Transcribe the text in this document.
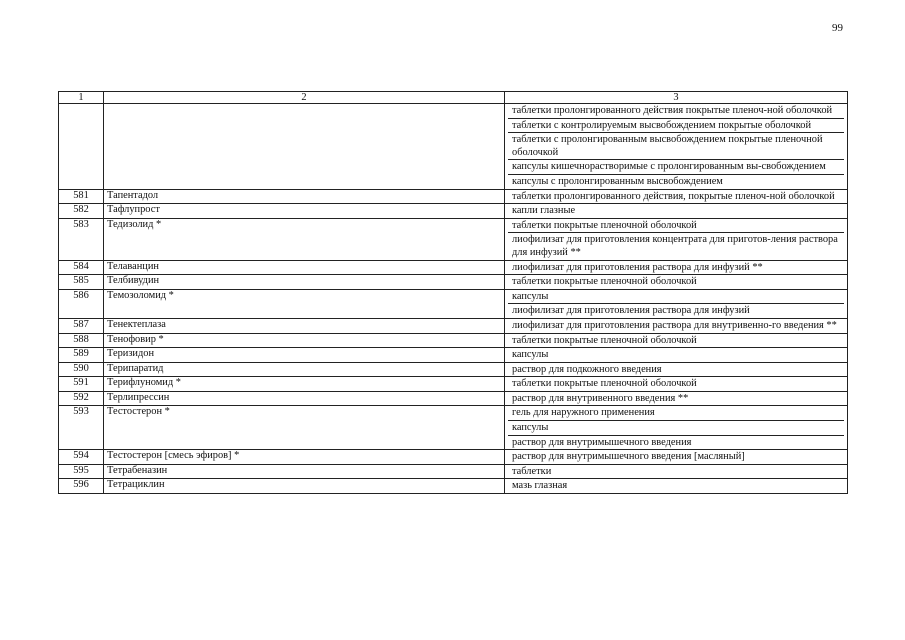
99
1	2	3

		таблетки пролонгированного действия покрытые пленоч-ной оболочкой
таблетки с контролируемым высвобождением покрытые оболочкой
таблетки с пролонгированным высвобождением покрытые пленочной оболочкой
капсулы кишечнорастворимые с пролонгированным вы-свобождением
капсулы с пролонгированным высвобождением

581	Тапентадол	таблетки пролонгированного действия, покрытые пленоч-ной оболочкой

582	Тафлупрост	капли глазные

583	Тедизолид *	таблетки покрытые пленочной оболочкой
лиофилизат для приготовления концентрата для приготов-ления раствора для инфузий **

584	Телаванцин	лиофилизат для приготовления раствора для инфузий **

585	Телбивудин	таблетки покрытые пленочной оболочкой

586	Темозоломид *	капсулы
лиофилизат для приготовления раствора для инфузий

587	Тенектеплаза	лиофилизат для приготовления раствора для внутривенно-го введения **

588	Тенофовир *	таблетки покрытые пленочной оболочкой

589	Теризидон	капсулы

590	Терипаратид	раствор для подкожного введения

591	Терифлуномид *	таблетки покрытые пленочной оболочкой

592	Терлипрессин	раствор для внутривенного введения **

593	Тестостерон *	гель для наружного применения
капсулы
раствор для внутримышечного введения

594	Тестостерон [смесь эфиров] *	раствор для внутримышечного введения [масляный]

595	Тетрабеназин	таблетки

596	Тетрациклин	мазь глазная
